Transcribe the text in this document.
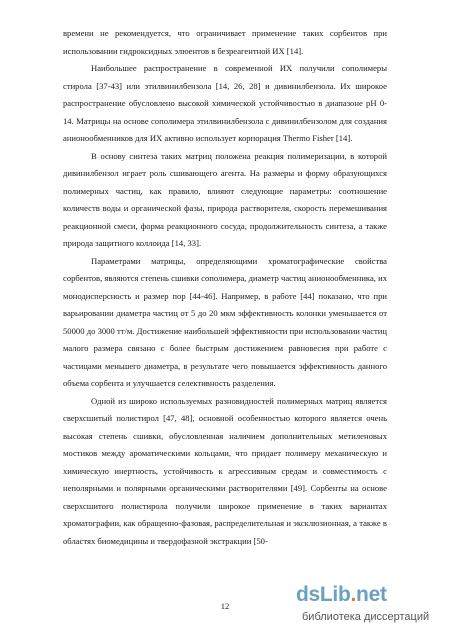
времени не рекомендуется, что ограничивает применение таких сорбентов при использовании гидроксидных элюентов в безреагентной ИХ [14].

Наибольшее распространение в современной ИХ получили сополимеры стирола [37-43] или этилвинилбензола [14, 26, 28] и дивинилбензола. Их широкое распространение обусловлено высокой химической устойчивостью в диапазоне pH 0-14. Матрицы на основе сополимера этилвинилбензола с дивинилбензолом для создания анионообменников для ИХ активно использует корпорация Thermo Fisher [14].

В основу синтеза таких матриц положена реакция полимеризации, в которой дивинилбензол играет роль сшивающего агента. На размеры и форму образующихся полимерных частиц, как правило, влияют следующие параметры: соотношение количеств воды и органической фазы, природа растворителя, скорость перемешивания реакционной смеси, форма реакционного сосуда, продолжительность синтеза, а также природа защитного коллоида [14, 33].

Параметрами матрицы, определяющими хроматографические свойства сорбентов, являются степень сшивки сополимера, диаметр частиц анионообменника, их монодисперсность и размер пор [44-46]. Например, в работе [44] показано, что при варьировании диаметра частиц от 5 до 20 мкм эффективность колонки уменьшается от 50000 до 3000 тт/м. Достижение наибольшей эффективности при использовании частиц малого размера связано с более быстрым достижением равновесия при работе с частицами меньшего диаметра, в результате чего повышается эффективность данного объема сорбента и улучшается селективность разделения.

Одной из широко используемых разновидностей полимерных матриц является сверхсшитый полистирол [47, 48], основной особенностью которого является очень высокая степень сшивки, обусловленная наличием дополнительных метиленовых мостиков между ароматическими кольцами, что придает полимеру механическую и химическую инертность, устойчивость к агрессивным средам и совместимость с неполярными и полярными органическими растворителями [49]. Сорбенты на основе сверхсшитого полистирола получили широкое применение в таких вариантах хроматографии, как обращенно-фазовая, распределительная и эксклюзионная, а также в областях биомедицины и твердофазной экстракции [50-

12	dsLib.net
библиотека диссертаций
